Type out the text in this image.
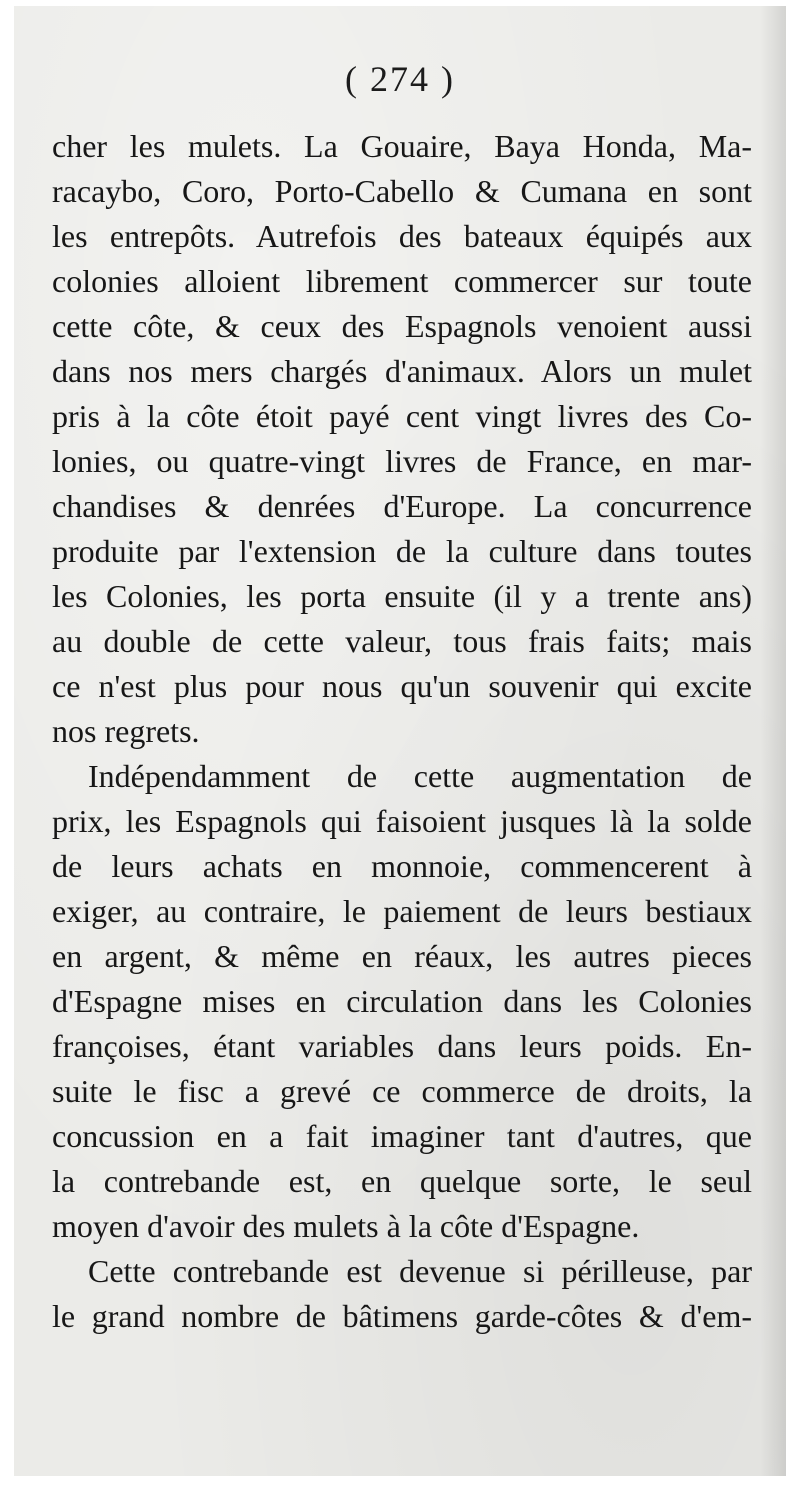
( 274 )
cher les mulets. La Gouaire, Baya Honda, Ma-
racaybo, Coro, Porto-Cabello & Cumana en sont
les entrepôts. Autrefois des bateaux équipés aux
colonies alloient librement commercer sur toute
cette côte, & ceux des Espagnols venoient aussi
dans nos mers chargés d'animaux. Alors un mulet
pris à la côte étoit payé cent vingt livres des Co-
lonies, ou quatre-vingt livres de France, en mar-
chandises & denrées d'Europe. La concurrence
produite par l'extension de la culture dans toutes
les Colonies, les porta ensuite (il y a trente ans)
au double de cette valeur, tous frais faits; mais
ce n'est plus pour nous qu'un souvenir qui excite
nos regrets.
Indépendamment de cette augmentation de
prix, les Espagnols qui faisoient jusques là la solde
de leurs achats en monnoie, commencerent à
exiger, au contraire, le paiement de leurs bestiaux
en argent, & même en réaux, les autres pieces
d'Espagne mises en circulation dans les Colonies
françoises, étant variables dans leurs poids. En-
suite le fisc a grevé ce commerce de droits, la
concussion en a fait imaginer tant d'autres, que
la contrebande est, en quelque sorte, le seul
moyen d'avoir des mulets à la côte d'Espagne.
Cette contrebande est devenue si périlleuse, par
le grand nombre de bâtimens garde-côtes & d'em-
